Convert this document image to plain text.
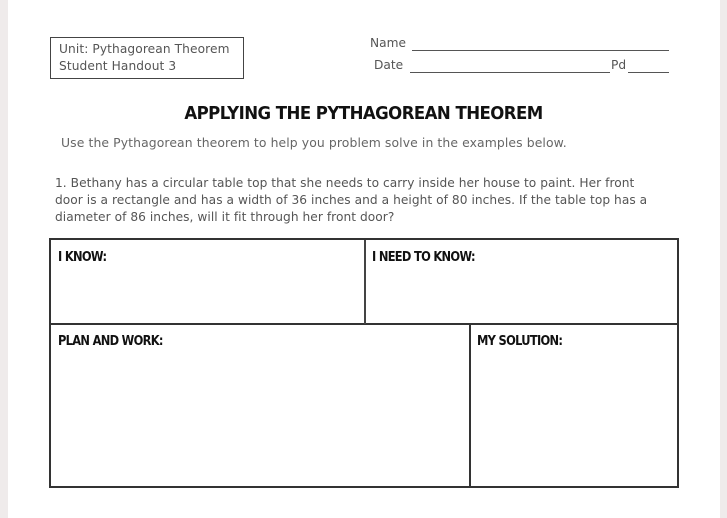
Unit: Pythagorean Theorem
Student Handout 3
Name
Date	Pd
APPLYING THE PYTHAGOREAN THEOREM
Use the Pythagorean theorem to help you problem solve in the examples below.
1. Bethany has a circular table top that she needs to carry inside her house to paint. Her front
door is a rectangle and has a width of 36 inches and a height of 80 inches. If the table top has a
diameter of 86 inches, will it fit through her front door?
I KNOW:	I NEED TO KNOW:
PLAN AND WORK:	MY SOLUTION:
